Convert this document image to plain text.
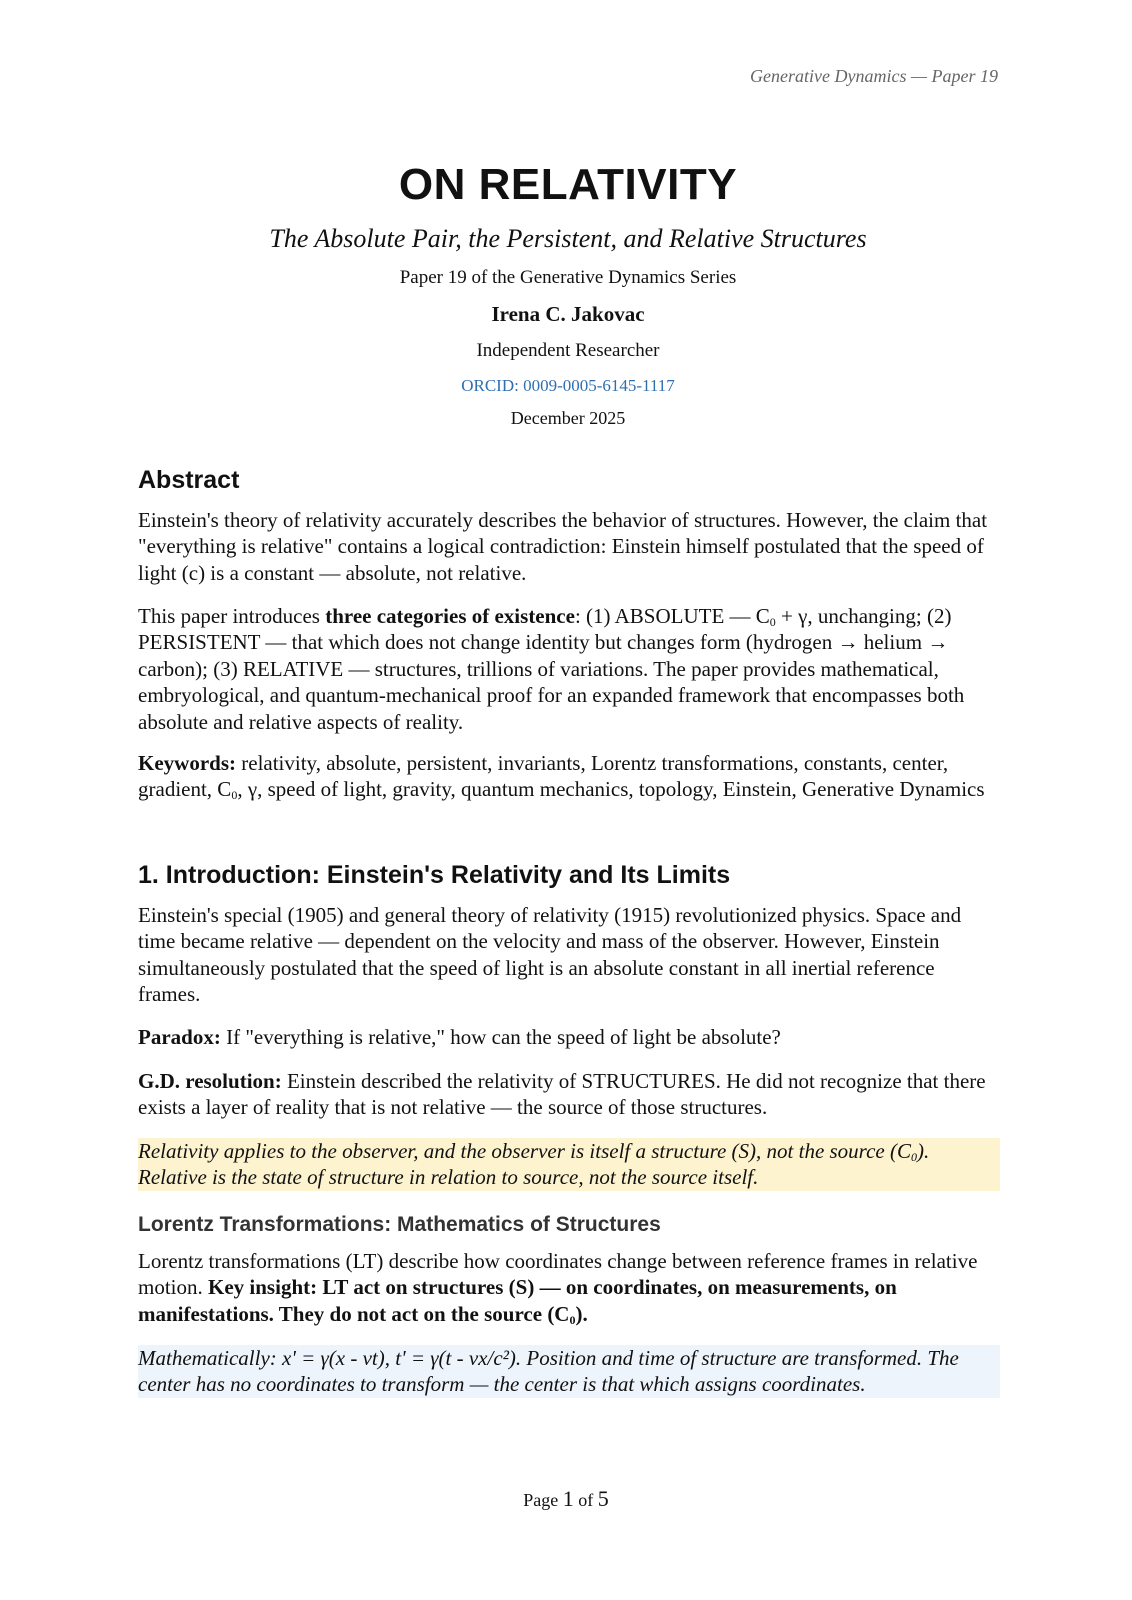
Generative Dynamics — Paper 19
ON RELATIVITY
The Absolute Pair, the Persistent, and Relative Structures
Paper 19 of the Generative Dynamics Series
Irena C. Jakovac
Independent Researcher
ORCID: 0009-0005-6145-1117
December 2025
Abstract

Einstein's theory of relativity accurately describes the behavior of structures. However, the claim that "everything is relative" contains a logical contradiction: Einstein himself postulated that the speed of light (c) is a constant — absolute, not relative.

This paper introduces three categories of existence: (1) ABSOLUTE — $C_0 + \gamma$, unchanging; (2) PERSISTENT — that which does not change identity but changes form (hydrogen → helium → carbon); (3) RELATIVE — structures, trillions of variations. The paper provides mathematical, embryological, and quantum-mechanical proof for an expanded framework that encompasses both absolute and relative aspects of reality.

Keywords: relativity, absolute, persistent, invariants, Lorentz transformations, constants, center, gradient, $C_0$, γ, speed of light, gravity, quantum mechanics, topology, Einstein, Generative Dynamics

1. Introduction: Einstein's Relativity and Its Limits

Einstein's special (1905) and general theory of relativity (1915) revolutionized physics. Space and time became relative — dependent on the velocity and mass of the observer. However, Einstein simultaneously postulated that the speed of light is an absolute constant in all inertial reference frames.

Paradox: If "everything is relative," how can the speed of light be absolute?

G.D. resolution: Einstein described the relativity of STRUCTURES. He did not recognize that there exists a layer of reality that is not relative — the source of those structures.

Relativity applies to the observer, and the observer is itself a structure (S), not the source $(C_0)$. Relative is the state of structure in relation to source, not the source itself.

Lorentz Transformations: Mathematics of Structures

Lorentz transformations (LT) describe how coordinates change between reference frames in relative motion. Key insight: LT act on structures (S) — on coordinates, on measurements, on manifestations. They do not act on the source $(C_0)$.

Mathematically: x' = γ(x - vt), t' = γ(t - vx/c²). Position and time of structure are transformed. The center has no coordinates to transform — the center is that which assigns coordinates.

Page 1 of 5
